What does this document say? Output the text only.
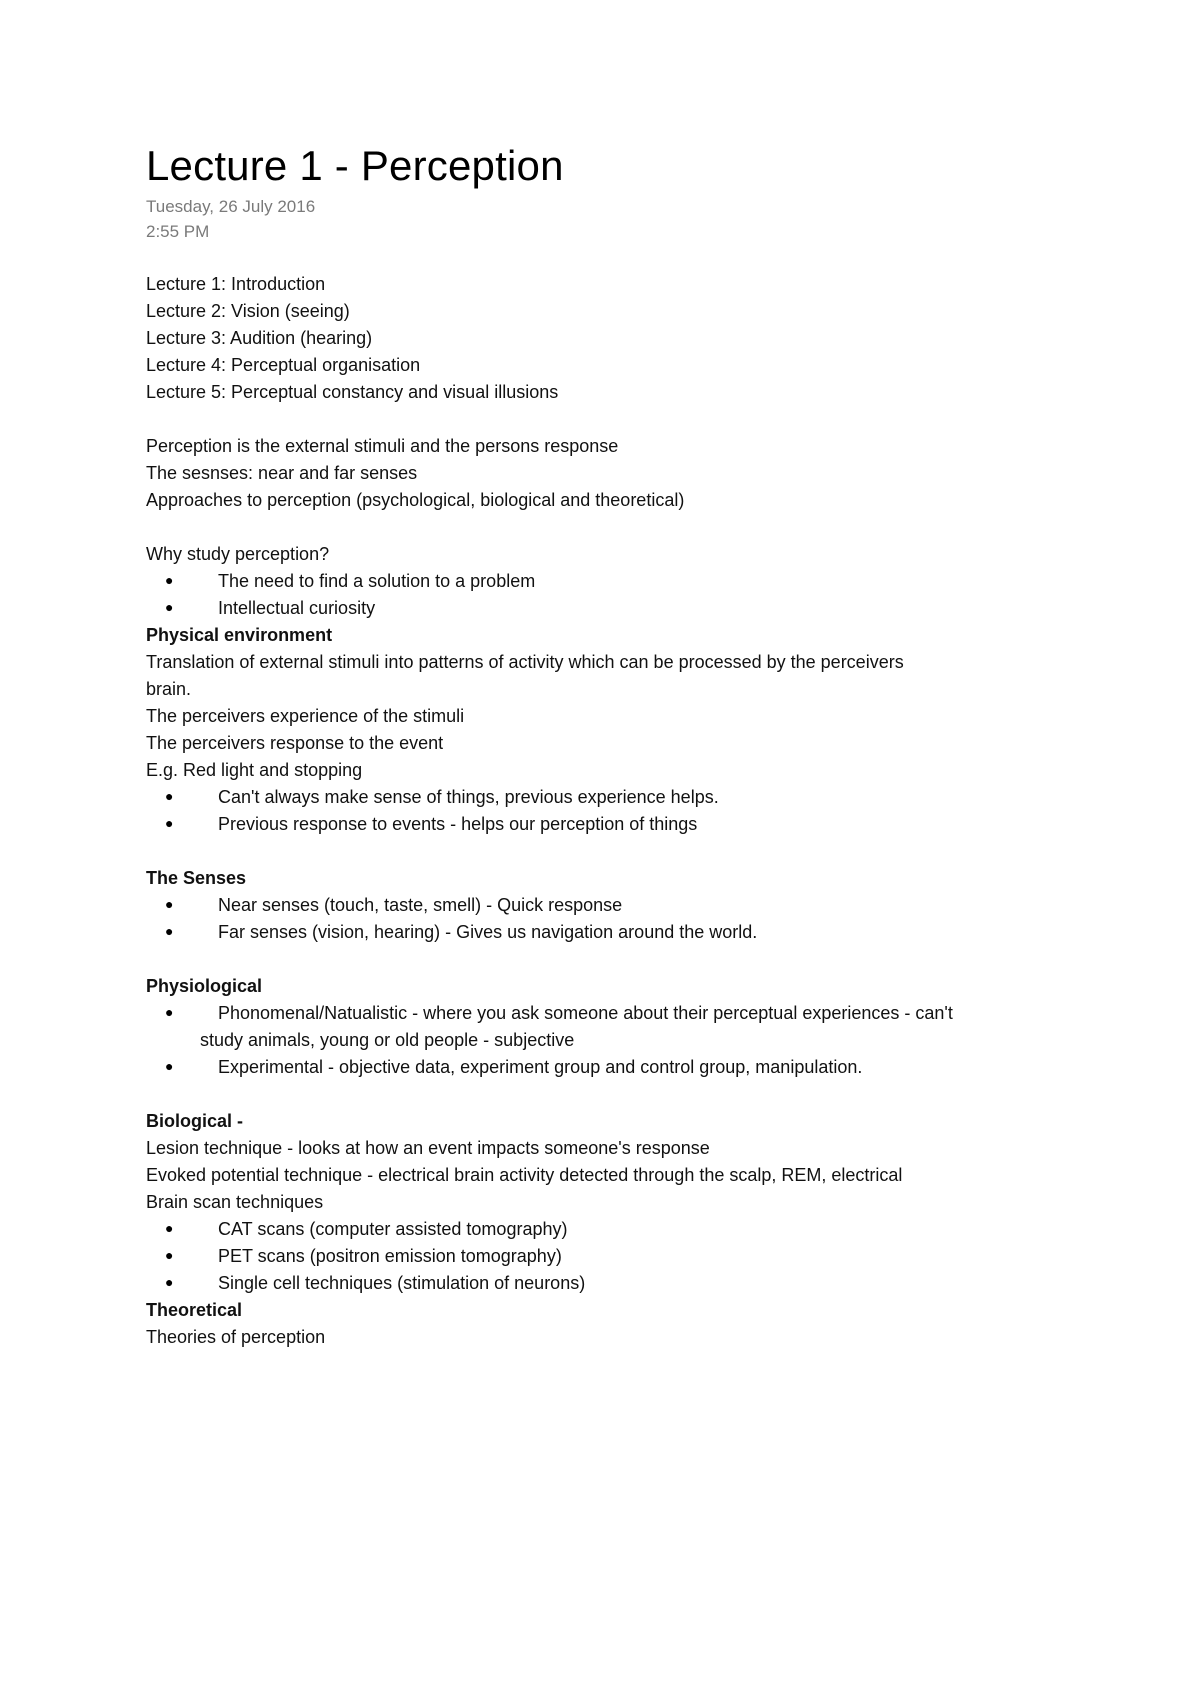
Lecture 1 - Perception

Tuesday, 26 July 2016

2:55 PM

Lecture 1: Introduction

Lecture 2: Vision (seeing)

Lecture 3: Audition (hearing)

Lecture 4: Perceptual organisation

Lecture 5: Perceptual constancy and visual illusions

Perception is the external stimuli and the persons response

The sesnses: near and far senses

Approaches to perception (psychological, biological and theoretical)

Why study perception?

● The need to find a solution to a problem

● Intellectual curiosity

Physical environment

Translation of external stimuli into patterns of activity which can be processed by the perceivers

brain.

The perceivers experience of the stimuli

The perceivers response to the event

E.g. Red light and stopping

● Can't always make sense of things, previous experience helps.

● Previous response to events - helps our perception of things

The Senses

● Near senses (touch, taste, smell) - Quick response

● Far senses (vision, hearing) - Gives us navigation around the world.

Physiological

● Phonomenal/Natualistic - where you ask someone about their perceptual experiences - can't

study animals, young or old people - subjective

● Experimental - objective data, experiment group and control group, manipulation.

Biological -

Lesion technique - looks at how an event impacts someone's response

Evoked potential technique - electrical brain activity detected through the scalp, REM, electrical

Brain scan techniques

● CAT scans (computer assisted tomography)

● PET scans (positron emission tomography)

● Single cell techniques (stimulation of neurons)

Theoretical

Theories of perception
